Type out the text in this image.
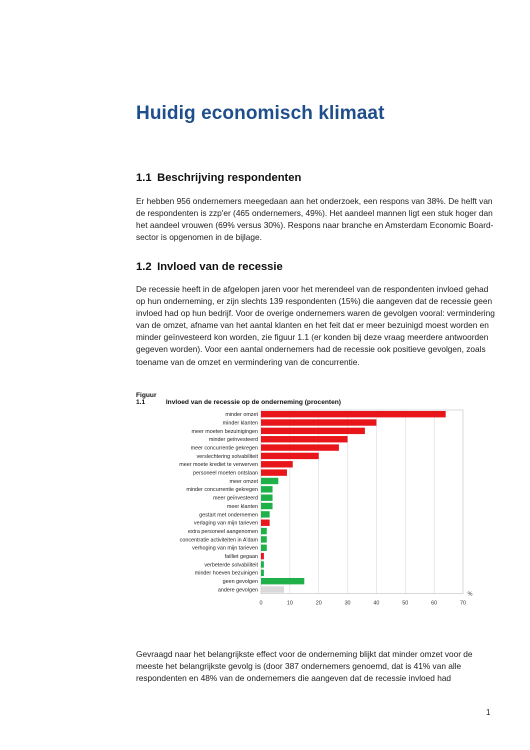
Huidig economisch klimaat
1.1 Beschrijving respondenten

Er hebben 956 ondernemers meegedaan aan het onderzoek, een respons van 38%. De helft van de respondenten is zzp'er (465 ondernemers, 49%). Het aandeel mannen ligt een stuk hoger dan het aandeel vrouwen (69% versus 30%). Respons naar branche en Amsterdam Economic Board-sector is opgenomen in de bijlage.

1.2 Invloed van de recessie

De recessie heeft in de afgelopen jaren voor het merendeel van de respondenten invloed gehad op hun onderneming, er zijn slechts 139 respondenten (15%) die aangeven dat de recessie geen invloed had op hun bedrijf. Voor de overige ondernemers waren de gevolgen vooral: vermindering van de omzet, afname van het aantal klanten en het feit dat er meer bezuinigd moest worden en minder geïnvesteerd kon worden, zie figuur 1.1 (er konden bij deze vraag meerdere antwoorden gegeven worden). Voor een aantal ondernemers had de recessie ook positieve gevolgen, zoals toename van de omzet en vermindering van de concurrentie.

Figuur 1.1	Invloed van de recessie op de onderneming (procenten)

0	10	20	30	40	50	60	70
%
minder omzet
minder klanten
meer moeten bezuinigingen
minder geïnvesteerd
meer concurrentie gekregen
verslechtering solvabiliteit
meer moete krediet te verwerven
personeel moeten ontslaan
meer omzet
minder concurrentie gekregen
meer geïnvesteerd
meer klanten
gestart met ondernemen
verlaging van mijn tarieven
extra personeel aangenomen
concentratie activiteiten in A'dam
verhoging van mijn tarieven
failliet gegaan
verbeterde solvabiliteit
minder hoeven bezuinigen
geen gevolgen
andere gevolgen

Gevraagd naar het belangrijkste effect voor de onderneming blijkt dat minder omzet voor de meeste het belangrijkste gevolg is (door 387 ondernemers genoemd, dat is 41% van alle respondenten en 48% van de ondernemers die aangeven dat de recessie invloed had

1
